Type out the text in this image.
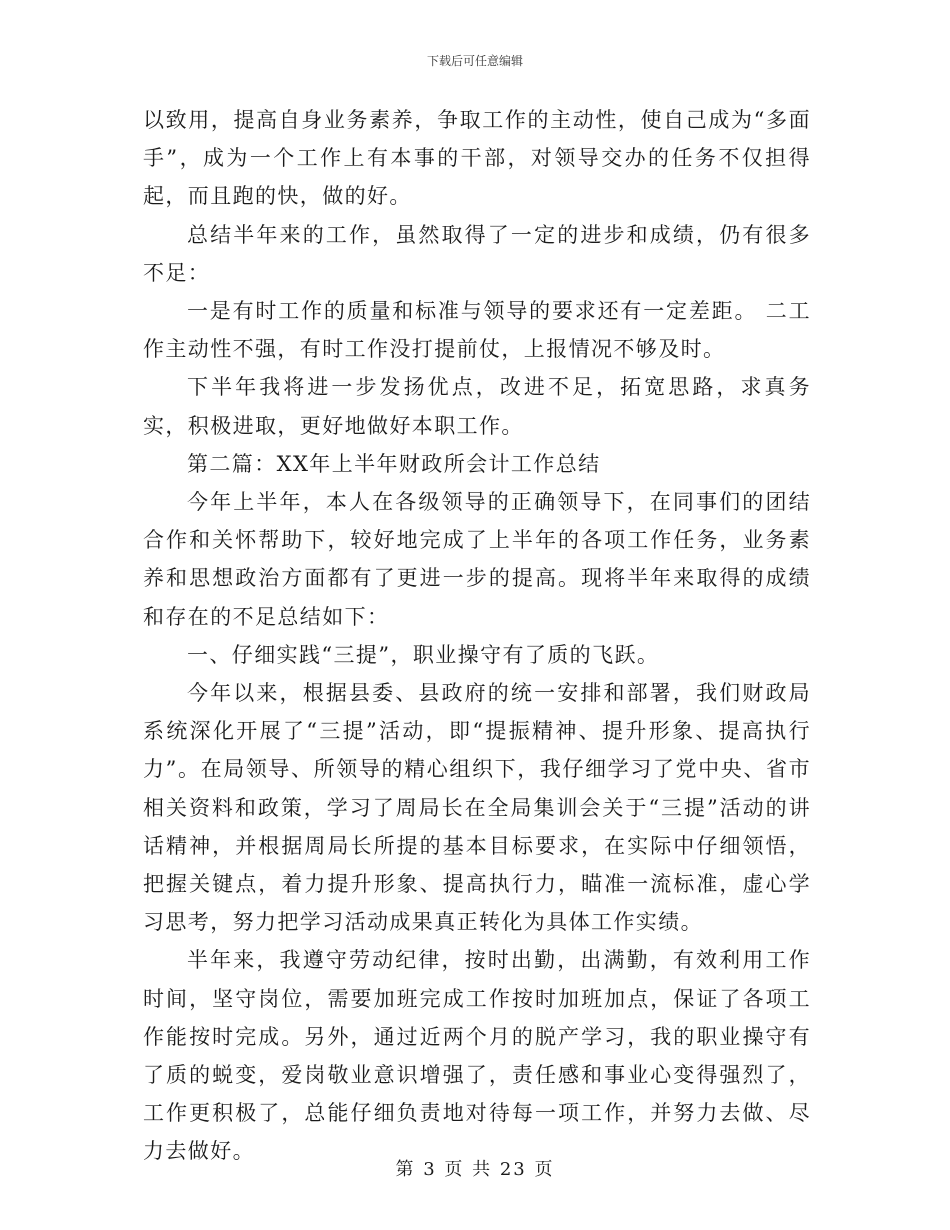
下载后可任意编辑

以致用，提高自身业务素养，争取工作的主动性，使自己成为“多面手”，成为一个工作上有本事的干部，对领导交办的任务不仅担得起，而且跑的快，做的好。

总结半年来的工作，虽然取得了一定的进步和成绩，仍有很多不足：

一是有时工作的质量和标准与领导的要求还有一定差距。 二工作主动性不强，有时工作没打提前仗，上报情况不够及时。

下半年我将进一步发扬优点，改进不足，拓宽思路，求真务实，积极进取，更好地做好本职工作。

第二篇：XX年上半年财政所会计工作总结

今年上半年，本人在各级领导的正确领导下，在同事们的团结合作和关怀帮助下，较好地完成了上半年的各项工作任务，业务素养和思想政治方面都有了更进一步的提高。现将半年来取得的成绩和存在的不足总结如下：

一、仔细实践“三提”，职业操守有了质的飞跃。

今年以来，根据县委、县政府的统一安排和部署，我们财政局系统深化开展了“三提”活动，即“提振精神、提升形象、提高执行力”。在局领导、所领导的精心组织下，我仔细学习了党中央、省市相关资料和政策，学习了周局长在全局集训会关于“三提”活动的讲话精神，并根据周局长所提的基本目标要求，在实际中仔细领悟，把握关键点，着力提升形象、提高执行力，瞄准一流标准，虚心学习思考，努力把学习活动成果真正转化为具体工作实绩。

半年来，我遵守劳动纪律，按时出勤，出满勤，有效利用工作时间，坚守岗位，需要加班完成工作按时加班加点，保证了各项工作能按时完成。另外，通过近两个月的脱产学习，我的职业操守有了质的蜕变，爱岗敬业意识增强了，责任感和事业心变得强烈了，工作更积极了，总能仔细负责地对待每一项工作，并努力去做、尽力去做好。

第 3 页 共 23 页
